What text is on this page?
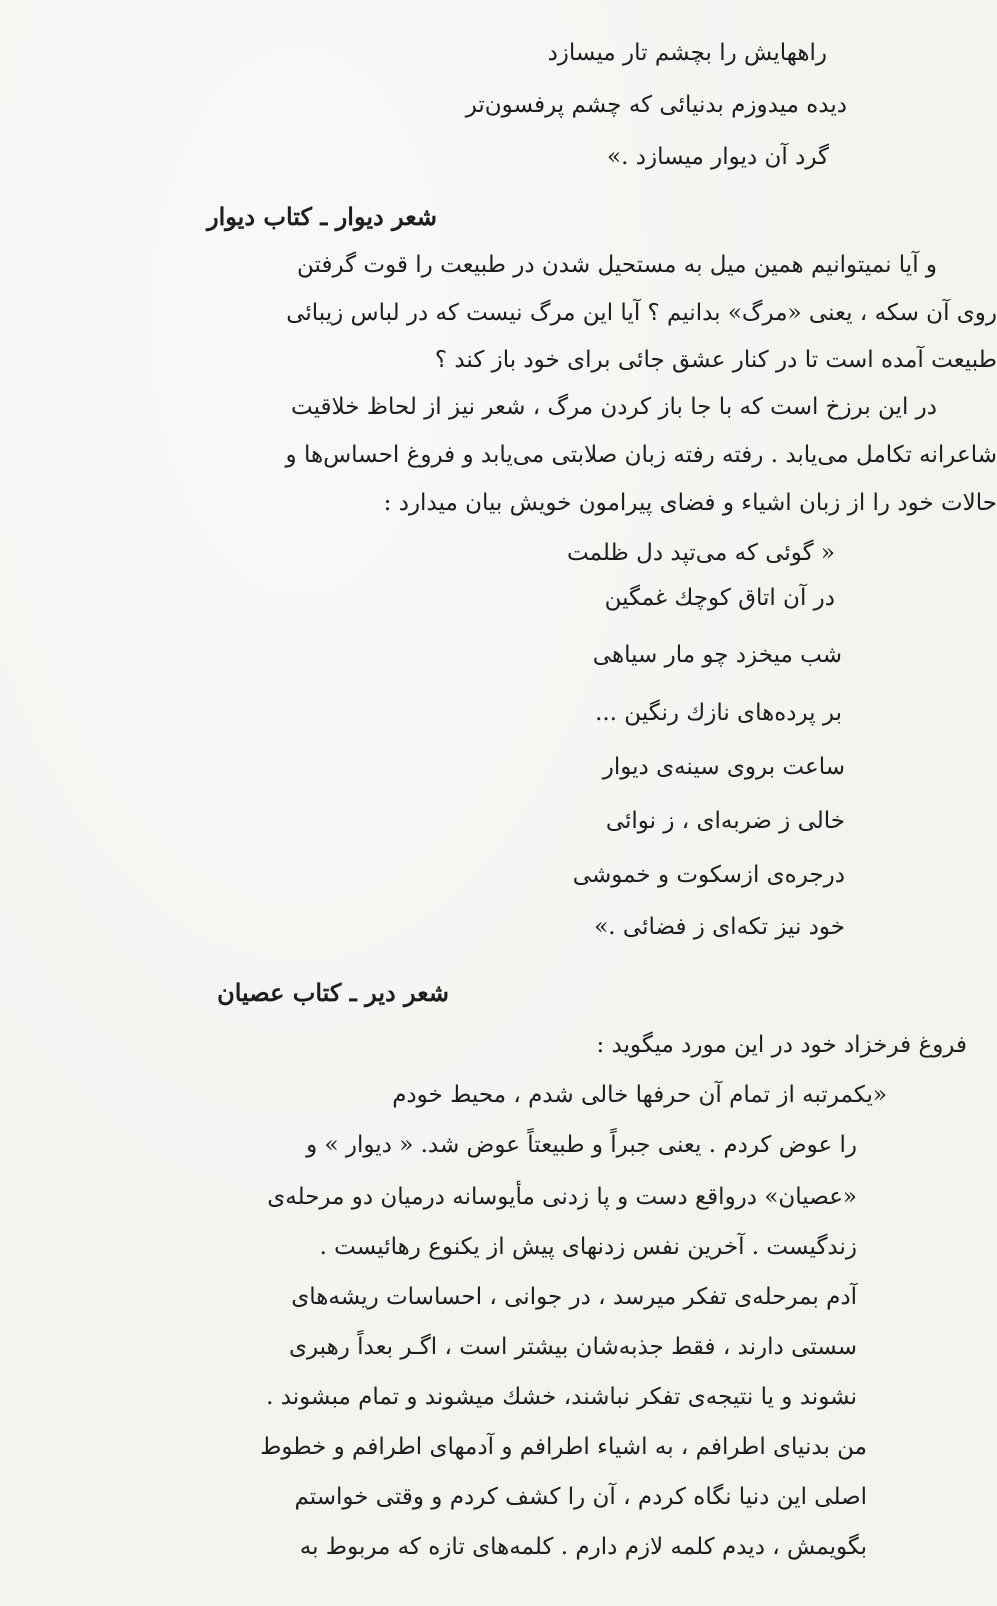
راههایش را بچشم تار میسازد
دیده میدوزم بدنیائی که چشم پرفسون‌تر
گرد آن دیوار میسازد .»
شعر دیوار ـ کتاب دیوار
و آیا نمیتوانیم همین میل به مستحیل شدن در طبیعت را قوت گرفتن
روی آن سکه ، یعنی «مرگ» بدانیم ؟ آیا این مرگ نیست که در لباس زیبائی
طبیعت آمده است تا در کنار عشق جائی برای خود باز کند ؟
در این برزخ است که با جا باز کردن مرگ ، شعر نیز از لحاظ خلاقیت
شاعرانه تکامل می‌یابد . رفته رفته زبان صلابتی می‌یابد و فروغ احساس‌ها و
حالات خود را از زبان اشیاء و فضای پیرامون خویش بیان میدارد :
« گوئی که می‌تپد دل ظلمت
در آن اتاق کوچك غمگین
شب میخزد چو مار سیاهی
بر پرده‌های نازك رنگین ...
ساعت بروی سینه‌ی دیوار
خالی ز ضربه‌ای ، ز نوائی
درجره‌ی ازسکوت و خموشی
خود نیز تکه‌ای ز فضائی .»
شعر دیر ـ کتاب عصیان
فروغ فرخزاد خود در این مورد میگوید :
«یکمرتبه از تمام آن حرفها خالی شدم ، محیط خودم
را عوض کردم . یعنی جبراً و طبیعتاً عوض شد. « دیوار » و
«عصیان» درواقع دست و پا زدنی مأیوسانه درمیان دو مرحله‌ی
زندگیست . آخرین نفس زدنهای پیش از یکنوع رهائیست .
آدم بمرحله‌ی تفکر میرسد ، در جوانی ، احساسات ریشه‌های
سستی دارند ، فقط جذبه‌شان بیشتر است ، اگـر بعداً رهبری
نشوند و یا نتیجه‌ی تفکر نباشند، خشك میشوند و تمام مبشوند .
من بدنیای اطرافم ، به اشیاء اطرافم و آدمهای اطرافم و خطوط
اصلی این دنیا نگاه کردم ، آن را کشف کردم و وقتی خواستم
بگویمش ، دیدم کلمه لازم دارم . کلمه‌های تازه که مربوط به
